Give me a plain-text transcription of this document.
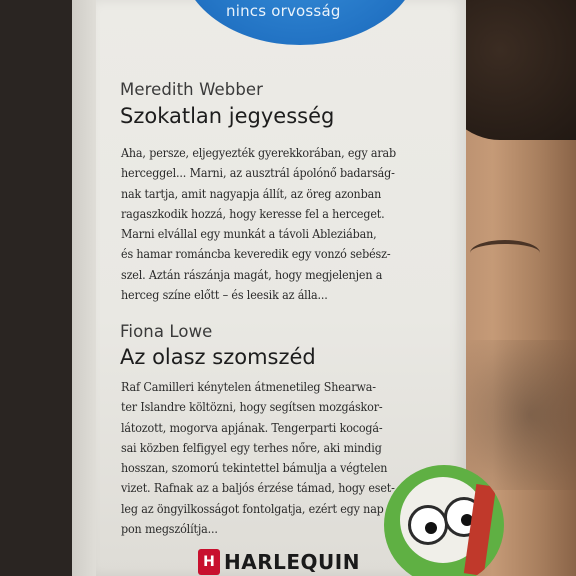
nincs orvosság
Meredith Webber
Szokatlan jegyesség
Aha, persze, eljegyezték gyerekkorában, egy arab
herceggel... Marni, az ausztrál ápolónő badarság-
nak tartja, amit nagyapja állít, az öreg azonban
ragaszkodik hozzá, hogy keresse fel a herceget.
Marni elvállal egy munkát a távoli Ableziában,
és hamar románcba keveredik egy vonzó sebész-
szel. Aztán rászánja magát, hogy megjelenjen a
herceg színe előtt – és leesik az álla...
Fiona Lowe
Az olasz szomszéd
Raf Camilleri kénytelen átmenetileg Shearwa-
ter Islandre költözni, hogy segítsen mozgáskor-
látozott, mogorva apjának. Tengerparti kocogá-
sai közben felfigyel egy terhes nőre, aki mindig
hosszan, szomorú tekintettel bámulja a végtelen
vizet. Rafnak az a baljós érzése támad, hogy eset-
leg az öngyilkosságot fontolgatja, ezért egy nap
pon megszólítja...
H HARLEQUIN
